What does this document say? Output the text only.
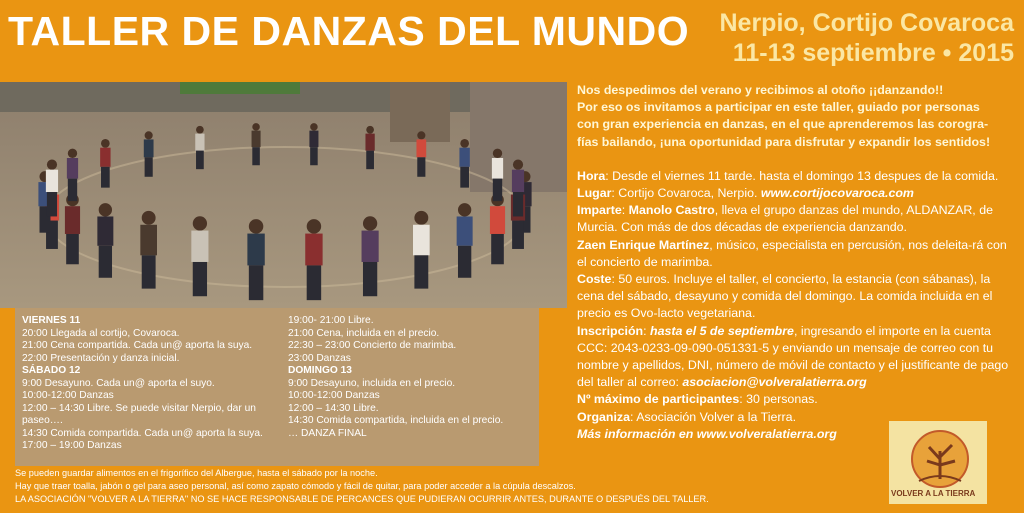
TALLER DE DANZAS DEL MUNDO Nerpio, Cortijo Covaroca
11-13 septiembre • 2015
VIERNES 11
20:00 Llegada al cortijo, Covaroca.
21:00 Cena compartida. Cada un@ aporta la suya.
22:00 Presentación y danza inicial.
SÁBADO 12
9:00 Desayuno. Cada un@ aporta el suyo.
10:00-12:00 Danzas
12:00 – 14:30 Libre. Se puede visitar Nerpio, dar un paseo….
14:30 Comida compartida. Cada un@ aporta la suya.
17:00 – 19:00 Danzas
19:00- 21:00 Libre.
21:00 Cena, incluida en el precio.
22:30 – 23:00 Concierto de marimba.
23:00 Danzas
DOMINGO 13
9:00 Desayuno, incluida en el precio.
10:00-12:00 Danzas
12:00 – 14:30 Libre.
14:30 Comida compartida, incluida en el precio.
… DANZA FINAL
Se pueden guardar alimentos en el frigorífico del Albergue, hasta el sábado por la noche.
Hay que traer toalla, jabón o gel para aseo personal, así como zapato cómodo y fácil de quitar, para poder acceder a la cúpula descalzos.
LA ASOCIACIÓN "VOLVER A LA TIERRA" NO SE HACE RESPONSABLE DE PERCANCES QUE PUDIERAN OCURRIR ANTES, DURANTE O DESPUÉS DEL TALLER.

Nos despedimos del verano y recibimos al otoño ¡¡danzando!!
Por eso os invitamos a participar en este taller, guiado por personas
con gran experiencia en danzas, en el que aprenderemos las corogra-
fías bailando, ¡una oportunidad para disfrutar y expandir los sentidos!

Hora: Desde el viernes 11 tarde. hasta el domingo 13 despues de la comida.

Lugar: Cortijo Covaroca, Nerpio. www.cortijocovaroca.com

Imparte: Manolo Castro, lleva el grupo danzas del mundo, ALDANZAR, de Murcia. Con más de dos décadas de experiencia danzando.

Zaen Enrique Martínez, músico, especialista en percusión, nos deleita-rá con el concierto de marimba.

Coste: 50 euros. Incluye el taller, el concierto, la estancia (con sábanas), la cena del sábado, desayuno y comida del domingo. La comida incluida en el precio es Ovo-lacto vegetariana.

Inscripción: hasta el 5 de septiembre, ingresando el importe en la cuenta CCC: 2043-0233-09-090-051331-5 y enviando un mensaje de correo con tu nombre y apellidos, DNI, número de móvil de contacto y el justificante de pago del taller al correo: asociacion@volveralatierra.org

Nº máximo de participantes: 30 personas.

Organiza: Asociación Volver a la Tierra.

Más información en www.volveralatierra.org

VOLVER A LA TIERRA
